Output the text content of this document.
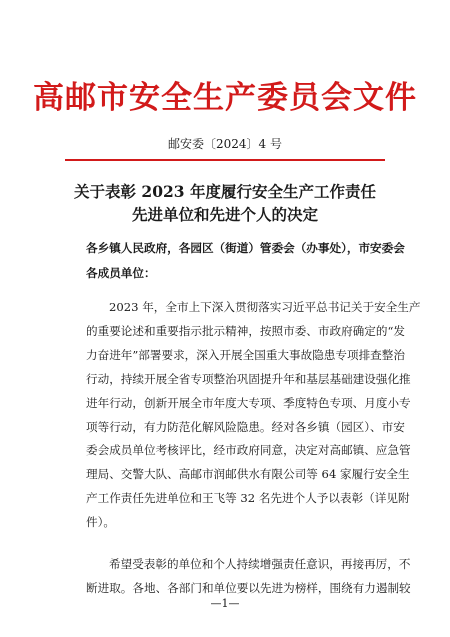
高邮市安全生产委员会文件
邮安委〔2024〕4 号
关于表彰 2023 年度履行安全生产工作责任
先进单位和先进个人的决定
各乡镇人民政府，各园区（街道）管委会（办事处），市安委会
各成员单位：
2023 年，全市上下深入贯彻落实习近平总书记关于安全生产
的重要论述和重要指示批示精神，按照市委、市政府确定的“发
力奋进年”部署要求，深入开展全国重大事故隐患专项排查整治
行动，持续开展全省专项整治巩固提升年和基层基础建设强化推
进年行动，创新开展全市年度大专项、季度特色专项、月度小专
项等行动，有力防范化解风险隐患。经对各乡镇（园区）、市安
委会成员单位考核评比，经市政府同意，决定对高邮镇、应急管
理局、交警大队、高邮市润邮供水有限公司等 64 家履行安全生
产工作责任先进单位和王飞等 32 名先进个人予以表彰（详见附
件）。
希望受表彰的单位和个人持续增强责任意识，再接再厉，不
断进取。各地、各部门和单位要以先进为榜样，围绕有力遏制较
—1—
